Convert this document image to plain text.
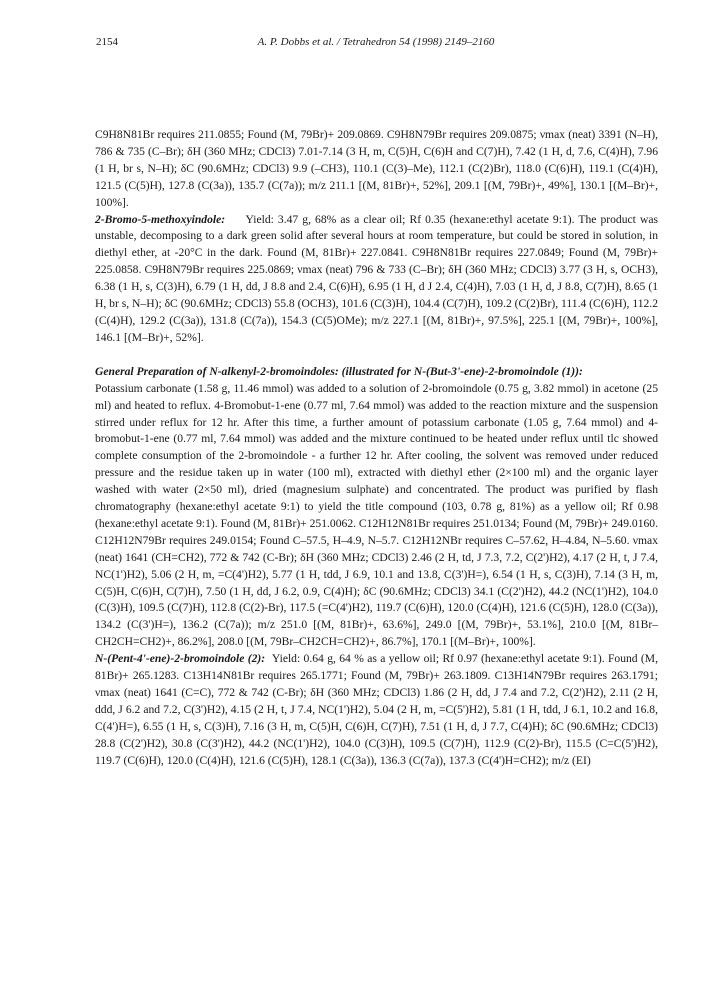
2154	A. P. Dobbs et al. / Tetrahedron 54 (1998) 2149–2160

C9H8N81Br requires 211.0855; Found (M, 79Br)+ 209.0869. C9H8N79Br requires 209.0875; νmax (neat) 3391 (N–H), 786 & 735 (C–Br); δH (360 MHz; CDCl3) 7.01-7.14 (3 H, m, C(5)H, C(6)H and C(7)H), 7.42 (1 H, d, 7.6, C(4)H), 7.96 (1 H, br s, N–H); δC (90.6MHz; CDCl3) 9.9 (–CH3), 110.1 (C(3)–Me), 112.1 (C(2)Br), 118.0 (C(6)H), 119.1 (C(4)H), 121.5 (C(5)H), 127.8 (C(3a)), 135.7 (C(7a)); m/z 211.1 [(M, 81Br)+, 52%], 209.1 [(M, 79Br)+, 49%], 130.1 [(M–Br)+, 100%].

2-Bromo-5-methoxyindole: Yield: 3.47 g, 68% as a clear oil; Rf 0.35 (hexane:ethyl acetate 9:1). The product was unstable, decomposing to a dark green solid after several hours at room temperature, but could be stored in solution, in diethyl ether, at -20°C in the dark. Found (M, 81Br)+ 227.0841. C9H8N81Br requires 227.0849; Found (M, 79Br)+ 225.0858. C9H8N79Br requires 225.0869; νmax (neat) 796 & 733 (C–Br); δH (360 MHz; CDCl3) 3.77 (3 H, s, OCH3), 6.38 (1 H, s, C(3)H), 6.79 (1 H, dd, J 8.8 and 2.4, C(6)H), 6.95 (1 H, d J 2.4, C(4)H), 7.03 (1 H, d, J 8.8, C(7)H), 8.65 (1 H, br s, N–H); δC (90.6MHz; CDCl3) 55.8 (OCH3), 101.6 (C(3)H), 104.4 (C(7)H), 109.2 (C(2)Br), 111.4 (C(6)H), 112.2 (C(4)H), 129.2 (C(3a)), 131.8 (C(7a)), 154.3 (C(5)OMe); m/z 227.1 [(M, 81Br)+, 97.5%], 225.1 [(M, 79Br)+, 100%], 146.1 [(M–Br)+, 52%].

General Preparation of N-alkenyl-2-bromoindoles: (illustrated for N-(But-3'-ene)-2-bromoindole (1)):

Potassium carbonate (1.58 g, 11.46 mmol) was added to a solution of 2-bromoindole (0.75 g, 3.82 mmol) in acetone (25 ml) and heated to reflux. 4-Bromobut-1-ene (0.77 ml, 7.64 mmol) was added to the reaction mixture and the suspension stirred under reflux for 12 hr. After this time, a further amount of potassium carbonate (1.05 g, 7.64 mmol) and 4-bromobut-1-ene (0.77 ml, 7.64 mmol) was added and the mixture continued to be heated under reflux until tlc showed complete consumption of the 2-bromoindole - a further 12 hr. After cooling, the solvent was removed under reduced pressure and the residue taken up in water (100 ml), extracted with diethyl ether (2×100 ml) and the organic layer washed with water (2×50 ml), dried (magnesium sulphate) and concentrated. The product was purified by flash chromatography (hexane:ethyl acetate 9:1) to yield the title compound (103, 0.78 g, 81%) as a yellow oil; Rf 0.98 (hexane:ethyl acetate 9:1). Found (M, 81Br)+ 251.0062. C12H12N81Br requires 251.0134; Found (M, 79Br)+ 249.0160. C12H12N79Br requires 249.0154; Found C–57.5, H–4.9, N–5.7. C12H12NBr requires C–57.62, H–4.84, N–5.60. νmax (neat) 1641 (CH=CH2), 772 & 742 (C-Br); δH (360 MHz; CDCl3) 2.46 (2 H, td, J 7.3, 7.2, C(2')H2), 4.17 (2 H, t, J 7.4, NC(1')H2), 5.06 (2 H, m, =C(4')H2), 5.77 (1 H, tdd, J 6.9, 10.1 and 13.8, C(3')H=), 6.54 (1 H, s, C(3)H), 7.14 (3 H, m, C(5)H, C(6)H, C(7)H), 7.50 (1 H, dd, J 6.2, 0.9, C(4)H); δC (90.6MHz; CDCl3) 34.1 (C(2')H2), 44.2 (NC(1')H2), 104.0 (C(3)H), 109.5 (C(7)H), 112.8 (C(2)-Br), 117.5 (=C(4')H2), 119.7 (C(6)H), 120.0 (C(4)H), 121.6 (C(5)H), 128.0 (C(3a)), 134.2 (C(3')H=), 136.2 (C(7a)); m/z 251.0 [(M, 81Br)+, 63.6%], 249.0 [(M, 79Br)+, 53.1%], 210.0 [(M, 81Br–CH2CH=CH2)+, 86.2%], 208.0 [(M, 79Br–CH2CH=CH2)+, 86.7%], 170.1 [(M–Br)+, 100%].

N-(Pent-4'-ene)-2-bromoindole (2): Yield: 0.64 g, 64 % as a yellow oil; Rf 0.97 (hexane:ethyl acetate 9:1). Found (M, 81Br)+ 265.1283. C13H14N81Br requires 265.1771; Found (M, 79Br)+ 263.1809. C13H14N79Br requires 263.1791; νmax (neat) 1641 (C=C), 772 & 742 (C-Br); δH (360 MHz; CDCl3) 1.86 (2 H, dd, J 7.4 and 7.2, C(2')H2), 2.11 (2 H, ddd, J 6.2 and 7.2, C(3')H2), 4.15 (2 H, t, J 7.4, NC(1')H2), 5.04 (2 H, m, =C(5')H2), 5.81 (1 H, tdd, J 6.1, 10.2 and 16.8, C(4')H=), 6.55 (1 H, s, C(3)H), 7.16 (3 H, m, C(5)H, C(6)H, C(7)H), 7.51 (1 H, d, J 7.7, C(4)H); δC (90.6MHz; CDCl3) 28.8 (C(2')H2), 30.8 (C(3')H2), 44.2 (NC(1')H2), 104.0 (C(3)H), 109.5 (C(7)H), 112.9 (C(2)-Br), 115.5 (C=C(5')H2), 119.7 (C(6)H), 120.0 (C(4)H), 121.6 (C(5)H), 128.1 (C(3a)), 136.3 (C(7a)), 137.3 (C(4')H=CH2); m/z (EI)
